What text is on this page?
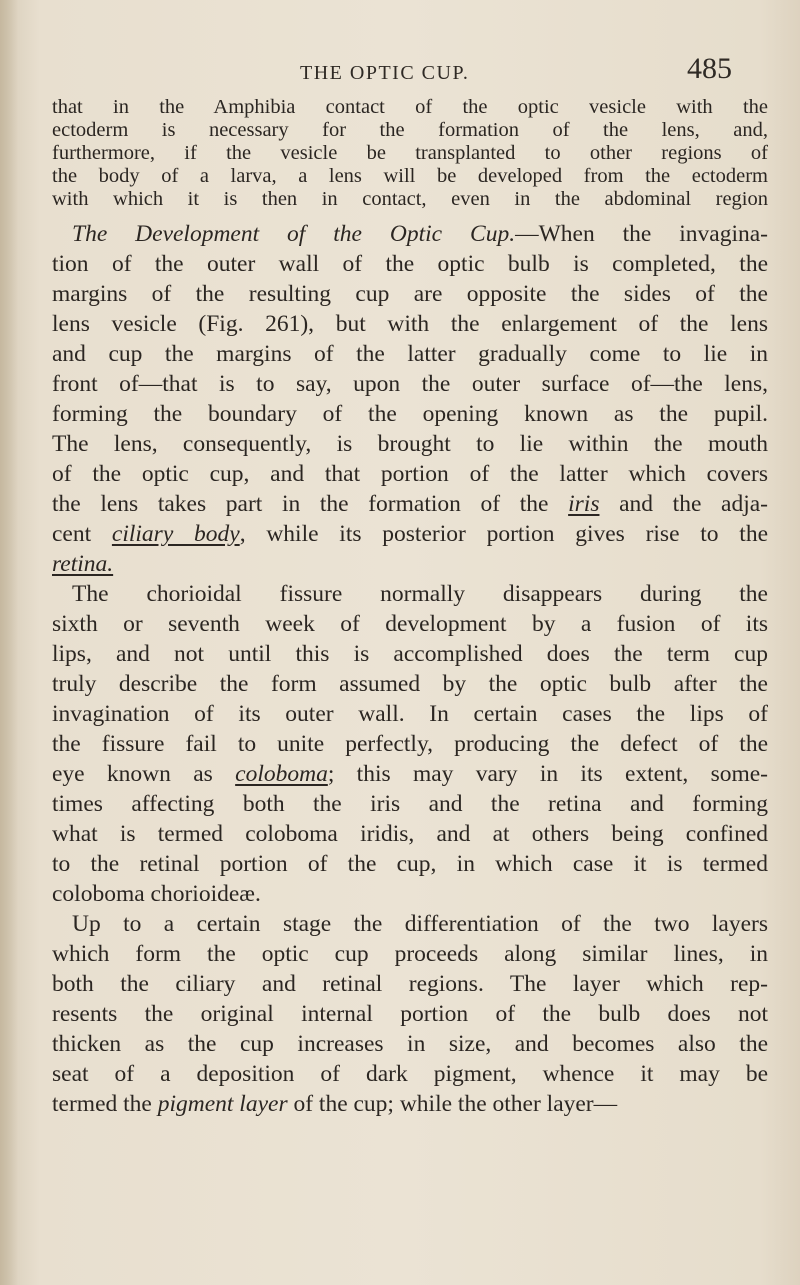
THE OPTIC CUP.	485
that in the Amphibia contact of the optic vesicle with the
ectoderm is necessary for the formation of the lens, and,
furthermore, if the vesicle be transplanted to other regions of
the body of a larva, a lens will be developed from the ectoderm
with which it is then in contact, even in the abdominal region
The Development of the Optic Cup.—When the invagina-
tion of the outer wall of the optic bulb is completed, the
margins of the resulting cup are opposite the sides of the
lens vesicle (Fig. 261), but with the enlargement of the lens
and cup the margins of the latter gradually come to lie in
front of—that is to say, upon the outer surface of—the lens,
forming the boundary of the opening known as the pupil.
The lens, consequently, is brought to lie within the mouth
of the optic cup, and that portion of the latter which covers
the lens takes part in the formation of the iris and the adja-
cent ciliary body, while its posterior portion gives rise to the
retina.
The chorioidal fissure normally disappears during the
sixth or seventh week of development by a fusion of its
lips, and not until this is accomplished does the term cup
truly describe the form assumed by the optic bulb after the
invagination of its outer wall. In certain cases the lips of
the fissure fail to unite perfectly, producing the defect of the
eye known as coloboma; this may vary in its extent, some-
times affecting both the iris and the retina and forming
what is termed coloboma iridis, and at others being confined
to the retinal portion of the cup, in which case it is termed
coloboma chorioideæ.
Up to a certain stage the differentiation of the two layers
which form the optic cup proceeds along similar lines, in
both the ciliary and retinal regions. The layer which rep-
resents the original internal portion of the bulb does not
thicken as the cup increases in size, and becomes also the
seat of a deposition of dark pigment, whence it may be
termed the pigment layer of the cup; while the other layer—
